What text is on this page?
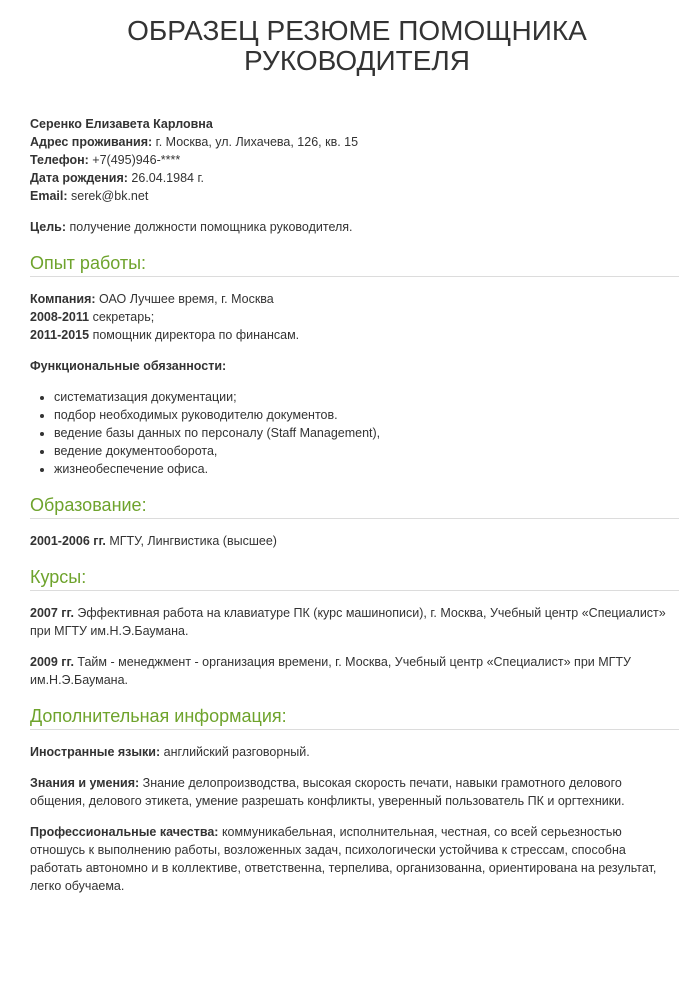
ОБРАЗЕЦ РЕЗЮМЕ ПОМОЩНИКА
РУКОВОДИТЕЛЯ

Серенко Елизавета Карловна

Адрес проживания: г. Москва, ул. Лихачева, 126, кв. 15

Телефон: +7(495)946-****

Дата рождения: 26.04.1984 г.

Email: serek@bk.net

Цель: получение должности помощника руководителя.

Опыт работы:

Компания: ОАО Лучшее время, г. Москва

2008-2011 секретарь;

2011-2015 помощник директора по финансам.

Функциональные обязанности:

• систематизация документации;
• подбор необходимых руководителю документов.
• ведение базы данных по персоналу (Staff Management),
• ведение документооборота,
• жизнеобеспечение офиса.
Образование:

2001-2006 гг. МГТУ, Лингвистика (высшее)

Курсы:

2007 гг. Эффективная работа на клавиатуре ПК (курс машинописи), г. Москва, Учебный центр «Специалист» при МГТУ им.Н.Э.Баумана.

2009 гг. Тайм - менеджмент - организация времени, г. Москва, Учебный центр «Специалист» при МГТУ им.Н.Э.Баумана.

Дополнительная информация:

Иностранные языки: английский разговорный.

Знания и умения: Знание делопроизводства, высокая скорость печати, навыки грамотного делового общения, делового этикета, умение разрешать конфликты, уверенный пользователь ПК и оргтехники.

Профессиональные качества: коммуникабельная, исполнительная, честная, со всей серьезностью отношусь к выполнению работы, возложенных задач, психологически устойчива к стрессам, способна работать автономно и в коллективе, ответственна, терпелива, организованна, ориентирована на результат, легко обучаема.
